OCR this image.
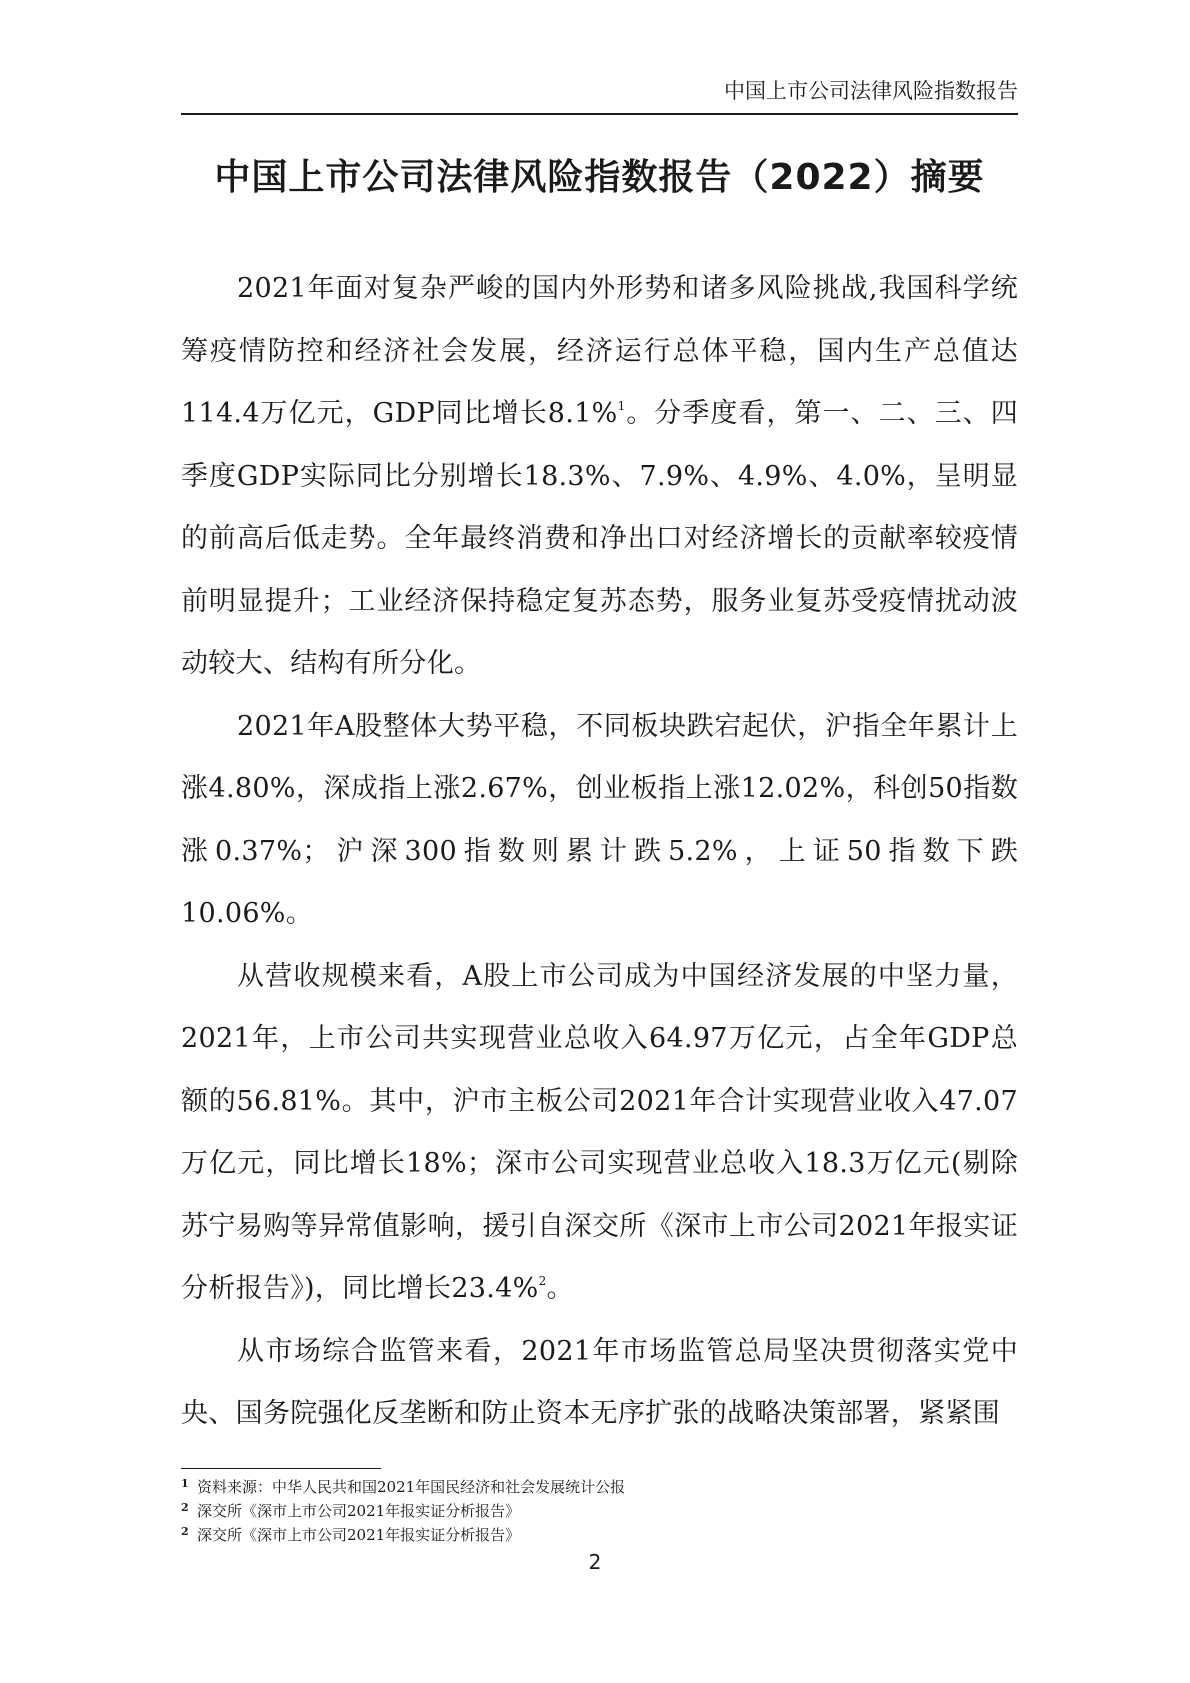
中国上市公司法律风险指数报告
中国上市公司法律风险指数报告（2022）摘要

2021年面对复杂严峻的国内外形势和诸多风险挑战,我国科学统筹疫情防控和经济社会发展，经济运行总体平稳，国内生产总值达114.4万亿元，GDP同比增长8.1%$^1$。分季度看，第一、二、三、四季度GDP实际同比分别增长18.3%、7.9%、4.9%、4.0%，呈明显的前高后低走势。全年最终消费和净出口对经济增长的贡献率较疫情前明显提升；工业经济保持稳定复苏态势，服务业复苏受疫情扰动波动较大、结构有所分化。

2021年A股整体大势平稳，不同板块跌宕起伏，沪指全年累计上涨4.80%，深成指上涨2.67%，创业板指上涨12.02%，科创50指数涨0.37%；沪深300指数则累计跌5.2%，上证50指数下跌10.06%。

从营收规模来看，A股上市公司成为中国经济发展的中坚力量，2021年，上市公司共实现营业总收入64.97万亿元，占全年GDP总额的56.81%。其中，沪市主板公司2021年合计实现营业收入47.07万亿元，同比增长18%；深市公司实现营业总收入18.3万亿元(剔除苏宁易购等异常值影响，援引自深交所《深市上市公司2021年报实证分析报告》)，同比增长23.4%$^2$。

从市场综合监管来看，2021年市场监管总局坚决贯彻落实党中央、国务院强化反垄断和防止资本无序扩张的战略决策部署，紧紧围

1 资料来源：中华人民共和国2021年国民经济和社会发展统计公报
2 深交所《深市上市公司2021年报实证分析报告》
2 深交所《深市上市公司2021年报实证分析报告》
2
